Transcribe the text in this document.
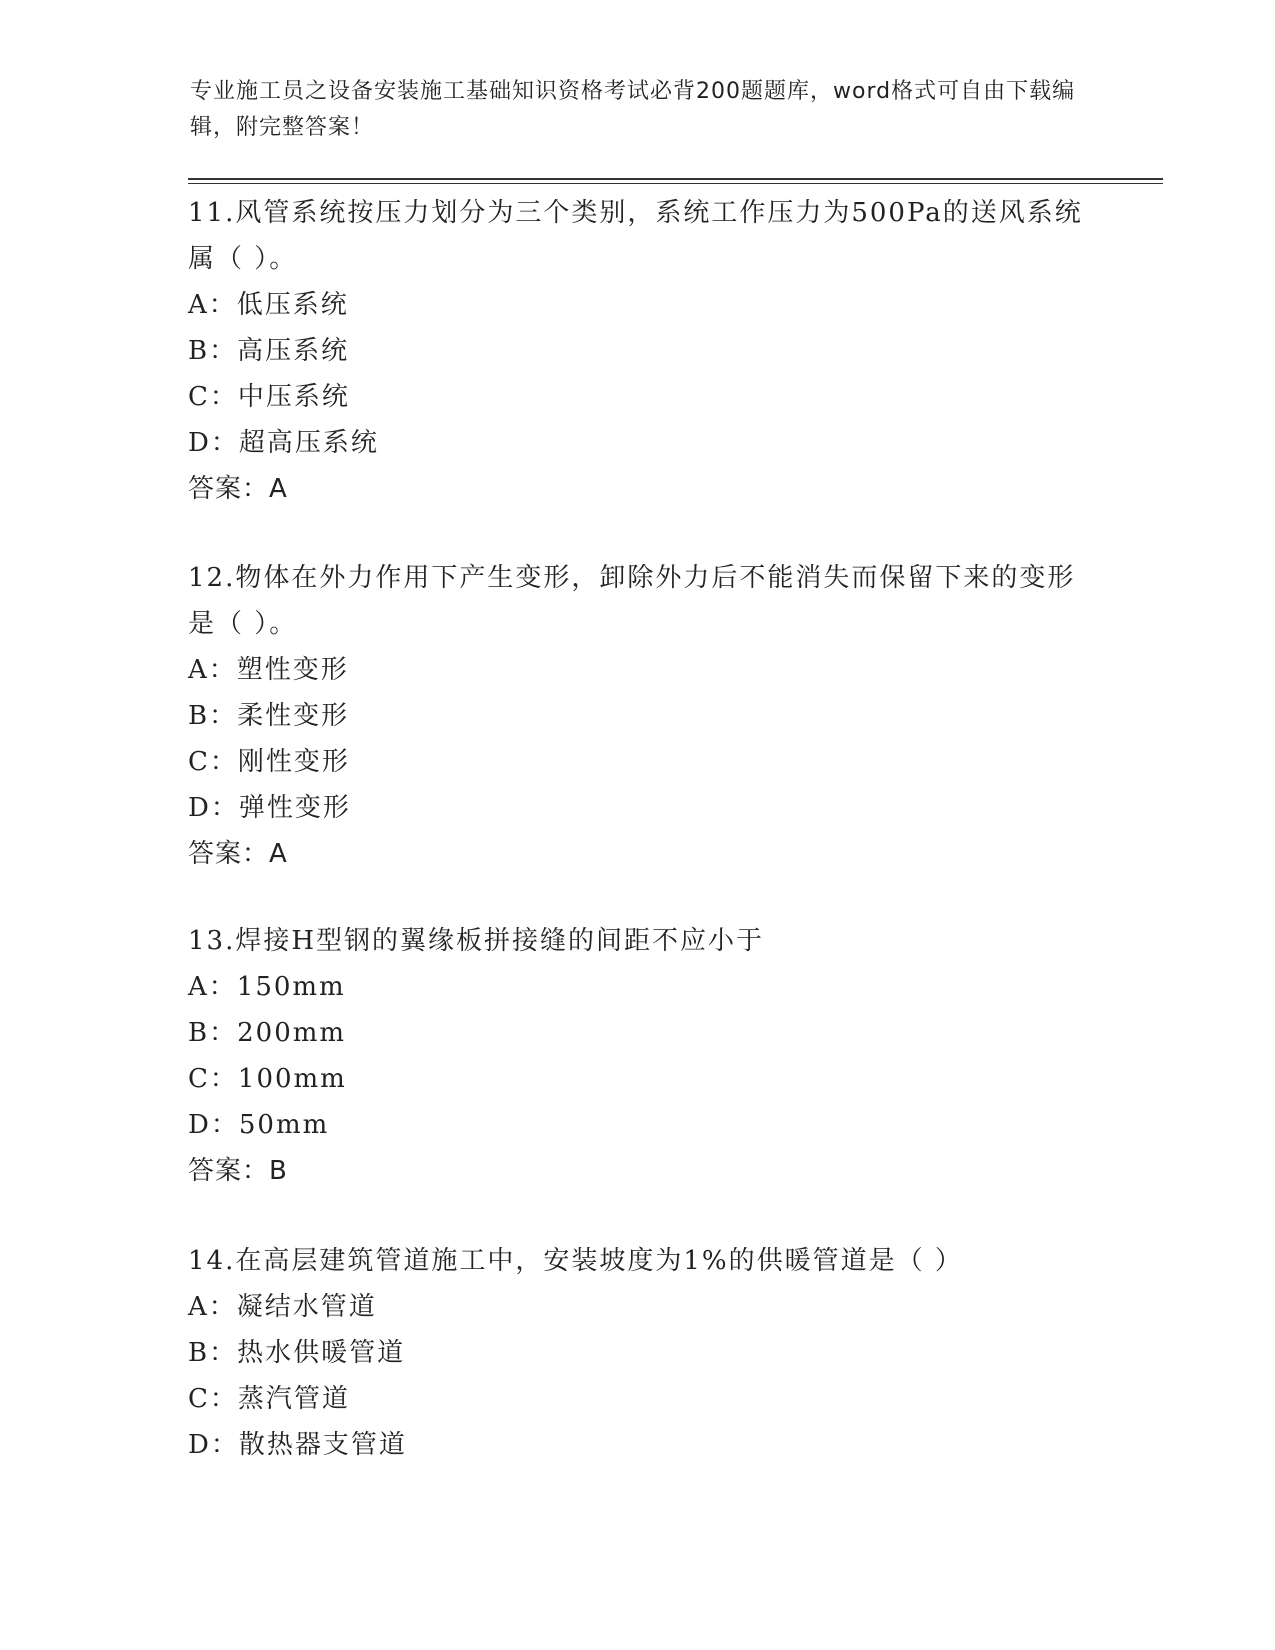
专业施工员之设备安装施工基础知识资格考试必背200题题库，word格式可自由下载编辑，附完整答案！

11.风管系统按压力划分为三个类别，系统工作压力为500Pa的送风系统属（ ）。

A：低压系统

B：高压系统

C：中压系统

D：超高压系统

答案：A

12.物体在外力作用下产生变形，卸除外力后不能消失而保留下来的变形是（ ）。

A：塑性变形

B：柔性变形

C：刚性变形

D：弹性变形

答案：A

13.焊接H型钢的翼缘板拼接缝的间距不应小于

A：150mm

B：200mm

C：100mm

D：50mm

答案：B

14.在高层建筑管道施工中，安装坡度为1%的供暖管道是（ ）

A：凝结水管道

B：热水供暖管道

C：蒸汽管道

D：散热器支管道
